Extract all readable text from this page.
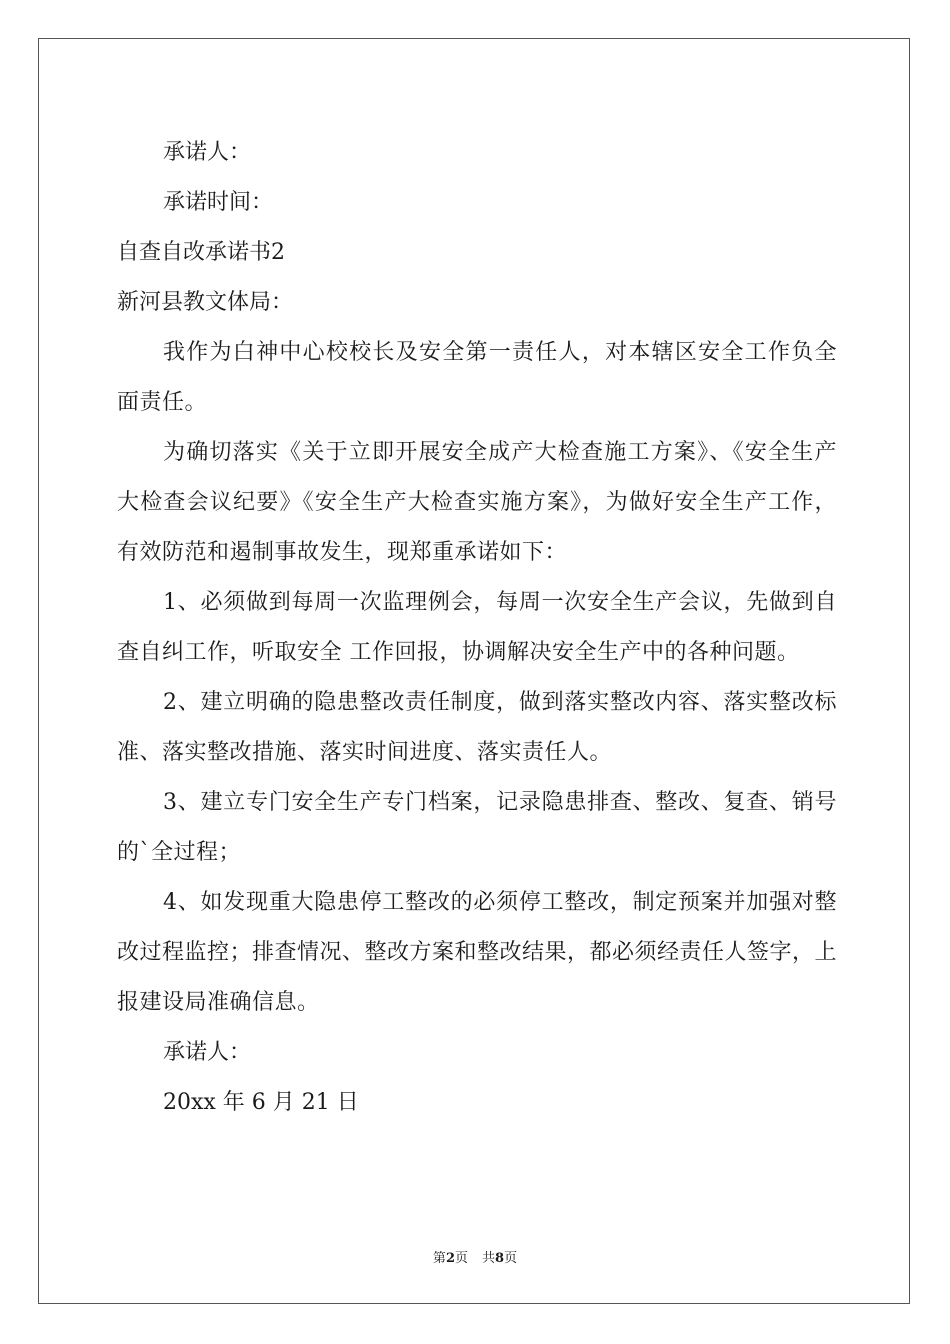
承诺人：

承诺时间：

自查自改承诺书2

新河县教文体局：

我作为白神中心校校长及安全第一责任人，对本辖区安全工作负全面责任。

为确切落实《关于立即开展安全成产大检查施工方案》、《安全生产大检查会议纪要》《安全生产大检查实施方案》，为做好安全生产工作，有效防范和遏制事故发生，现郑重承诺如下：

1、必须做到每周一次监理例会，每周一次安全生产会议，先做到自查自纠工作，听取安全 工作回报，协调解决安全生产中的各种问题。

2、建立明确的隐患整改责任制度，做到落实整改内容、落实整改标准、落实整改措施、落实时间进度、落实责任人。

3、建立专门安全生产专门档案，记录隐患排查、整改、复查、销号的`全过程；

4、如发现重大隐患停工整改的必须停工整改，制定预案并加强对整改过程监控；排查情况、整改方案和整改结果，都必须经责任人签字，上报建设局准确信息。

承诺人：

20xx 年 6 月 21 日

第2页 共8页
